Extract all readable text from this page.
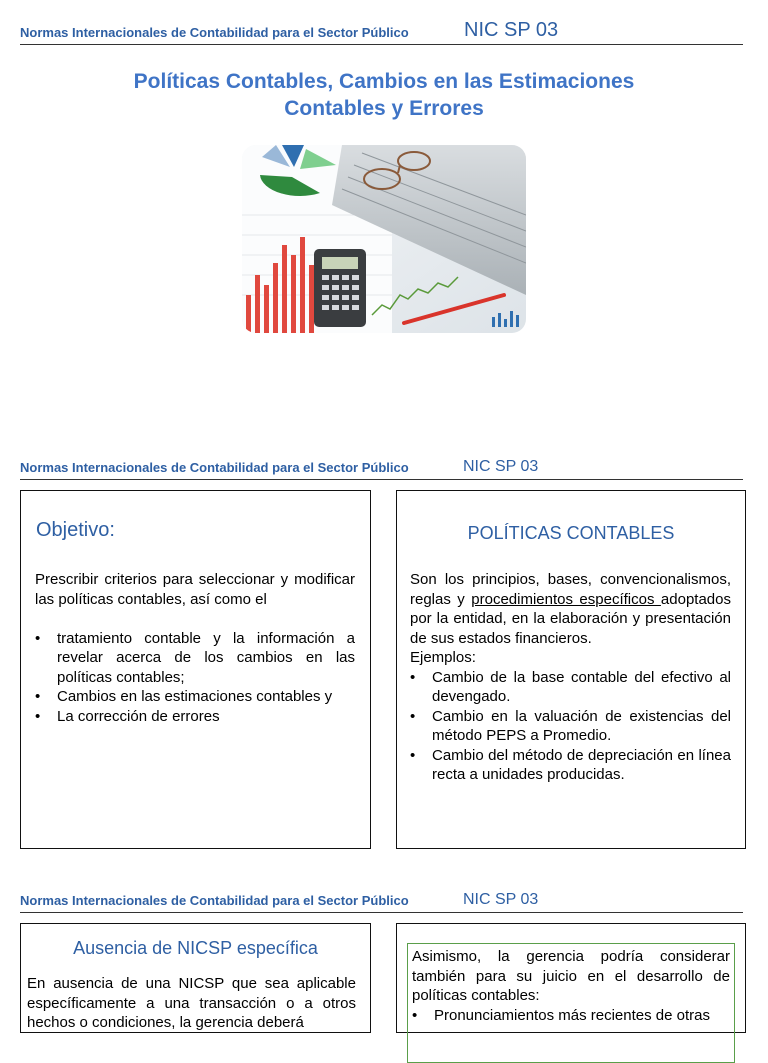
Normas Internacionales de Contabilidad para el Sector Público	NIC SP 03
Políticas Contables, Cambios en las Estimaciones
Contables y Errores
Normas Internacionales de Contabilidad para el Sector Público	NIC SP 03
Objetivo:
Prescribir criterios para seleccionar y modificar las políticas contables, así como el
• tratamiento contable y la información a revelar acerca de los cambios en las políticas contables;
• Cambios en las estimaciones contables y
• La corrección de errores
POLÍTICAS CONTABLES
Son los principios, bases, convencionalismos, reglas y procedimientos específicos adoptados por la entidad, en la elaboración y presentación de sus estados financieros.
Ejemplos:
• Cambio de la base contable del efectivo al devengado.
• Cambio en la valuación de existencias del método PEPS a Promedio.
• Cambio del método de depreciación en línea recta a unidades producidas.
Normas Internacionales de Contabilidad para el Sector Público	NIC SP 03
Ausencia de NICSP específica
En ausencia de una NICSP que sea aplicable específicamente a una transacción o a otros hechos o condiciones, la gerencia deberá
Asimismo, la gerencia podría considerar también para su juicio en el desarrollo de políticas contables:
• Pronunciamientos más recientes de otras
